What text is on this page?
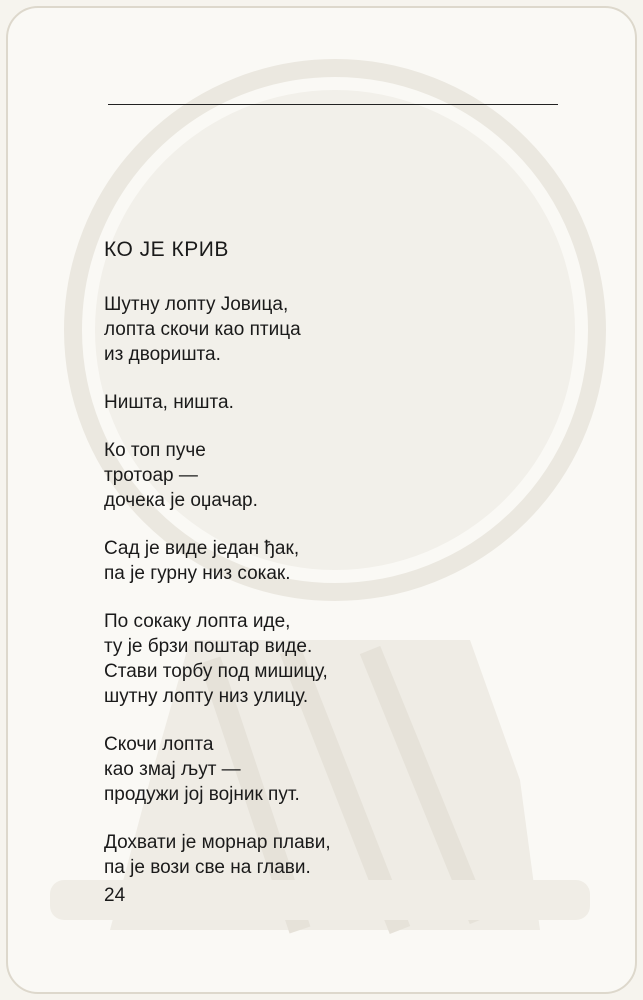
КО ЈЕ КРИВ
Шутну лопту Јовица,
лопта скочи као птица
из дворишта.
Ништа, ништа.
Ко топ пуче
тротоар —
дочека је оџачар.
Сад је виде један ђак,
па је гурну низ сокак.
По сокаку лопта иде,
ту је брзи поштар виде.
Стави торбу под мишицу,
шутну лопту низ улицу.
Скочи лопта
као змај љут —
продужи јој војник пут.
Дохвати је морнар плави,
па је вози све на глави.
24
